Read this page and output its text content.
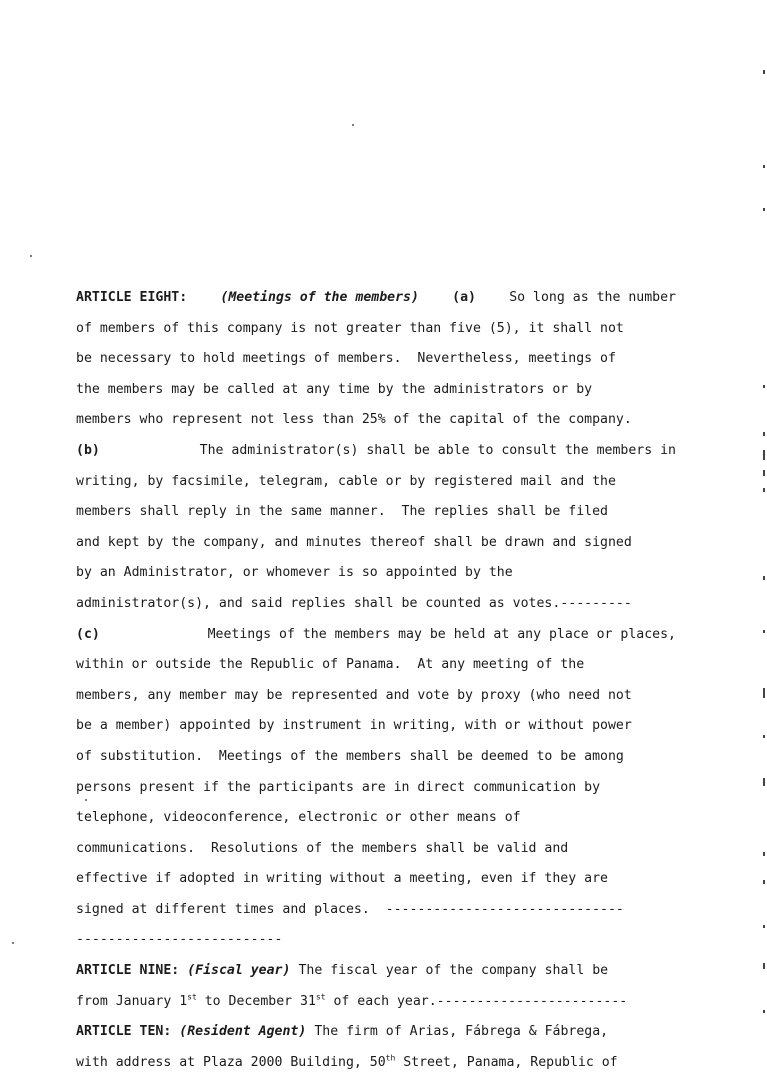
ARTICLE EIGHT:	(Meetings of the members)	(a)	So long as the number
of members of this company is not greater than five (5), it shall not
be necessary to hold meetings of members.  Nevertheless, meetings of
the members may be called at any time by the administrators or by
members who represent not less than 25% of the capital of the company.
(b)	The administrator(s) shall be able to consult the members in
writing, by facsimile, telegram, cable or by registered mail and the
members shall reply in the same manner.  The replies shall be filed
and kept by the company, and minutes thereof shall be drawn and signed
by an Administrator, or whomever is so appointed by the
administrator(s), and said replies shall be counted as votes.---------
(c)	Meetings of the members may be held at any place or places,
within or outside the Republic of Panama.  At any meeting of the
members, any member may be represented and vote by proxy (who need not
be a member) appointed by instrument in writing, with or without power
of substitution.  Meetings of the members shall be deemed to be among
persons present if the participants are in direct communication by
telephone, videoconference, electronic or other means of
communications.  Resolutions of the members shall be valid and
effective if adopted in writing without a meeting, even if they are
signed at different times and places.  ------------------------------
--------------------------
ARTICLE NINE: (Fiscal year) The fiscal year of the company shall be
from January 1st to December 31st of each year.------------------------
ARTICLE TEN: (Resident Agent) The firm of Arias, Fábrega & Fábrega,
with address at Plaza 2000 Building, 50th Street, Panama, Republic of
